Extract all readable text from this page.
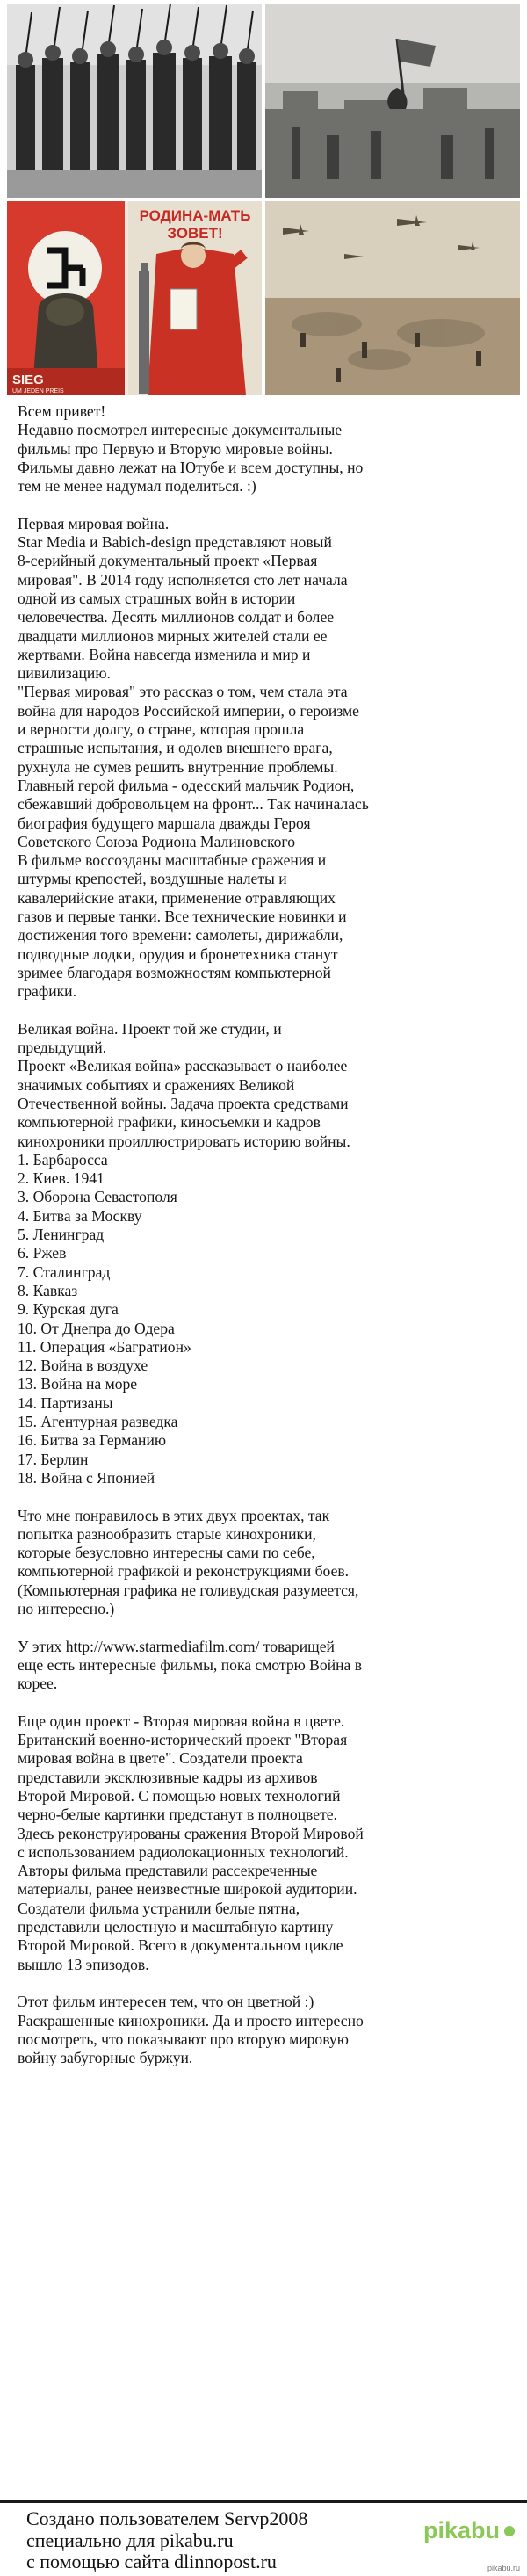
SIEG
UM JEDEN PREIS
РОДИНА-МАТЬ
ЗОВЕТ!

Всем привет!
Недавно посмотрел интересные документальные
фильмы про Первую и Вторую мировые войны.
Фильмы давно лежат на Ютубе и всем доступны, но
тем не менее надумал поделиться. :)

Первая мировая война.
Star Media и Babich-design представляют новый
8-серийный документальный проект «Первая
мировая". В 2014 году исполняется сто лет начала
одной из самых страшных войн в истории
человечества. Десять миллионов солдат и более
двадцати миллионов мирных жителей стали ее
жертвами. Война навсегда изменила и мир и
цивилизацию.
"Первая мировая" это рассказ о том, чем стала эта
война для народов Российской империи, о героизме
и верности долгу, о стране, которая прошла
страшные испытания, и одолев внешнего врага,
рухнула не сумев решить внутренние проблемы.
Главный герой фильма - одесский мальчик Родион,
сбежавший добровольцем на фронт... Так начиналась
биография будущего маршала дважды Героя
Советского Союза Родиона Малиновского
В фильме воссозданы масштабные сражения и
штурмы крепостей, воздушные налеты и
кавалерийские атаки, применение отравляющих
газов и первые танки. Все технические новинки и
достижения того времени: самолеты, дирижабли,
подводные лодки, орудия и бронетехника станут
зримее благодаря возможностям компьютерной
графики.

Великая война. Проект той же студии, и
предыдущий.
Проект «Великая война» рассказывает о наиболее
значимых событиях и сражениях Великой
Отечественной войны. Задача проекта средствами
компьютерной графики, киносъемки и кадров
кинохроники проиллюстрировать историю войны.

1. Барбаросса
2. Киев. 1941
3. Оборона Севастополя
4. Битва за Москву
5. Ленинград
6. Ржев
7. Сталинград
8. Кавказ
9. Курская дуга
10. От Днепра до Одера
11. Операция «Багратион»
12. Война в воздухе
13. Война на море
14. Партизаны
15. Агентурная разведка
16. Битва за Германию
17. Берлин
18. Война с Японией

Что мне понравилось в этих двух проектах, так
попытка разнообразить старые кинохроники,
которые безусловно интересны сами по себе,
компьютерной графикой и реконструкциями боев.
(Компьютерная графика не голивудская разумеется,
но интересно.)

У этих http://www.starmediafilm.com/ товарищей
еще есть интересные фильмы, пока смотрю Война в
корее.

Еще один проект - Вторая мировая война в цвете.
Британский военно-исторический проект "Вторая
мировая война в цвете". Создатели проекта
представили эксклюзивные кадры из архивов
Второй Мировой. С помощью новых технологий
черно-белые картинки предстанут в полноцвете.
Здесь реконструированы сражения Второй Мировой
с использованием радиолокационных технологий.
Авторы фильма представили рассекреченные
материалы, ранее неизвестные широкой аудитории.
Создатели фильма устранили белые пятна,
представили целостную и масштабную картину
Второй Мировой. Всего в документальном цикле
вышло 13 эпизодов.

Этот фильм интересен тем, что он цветной :)
Раскрашенные кинохроники. Да и просто интересно
посмотреть, что показывают про вторую мировую
войну забугорные буржуи.

Создано пользователем Servp2008
специально для pikabu.ru
с помощью сайта dlinnopost.ru
pikabu
pikabu.ru
